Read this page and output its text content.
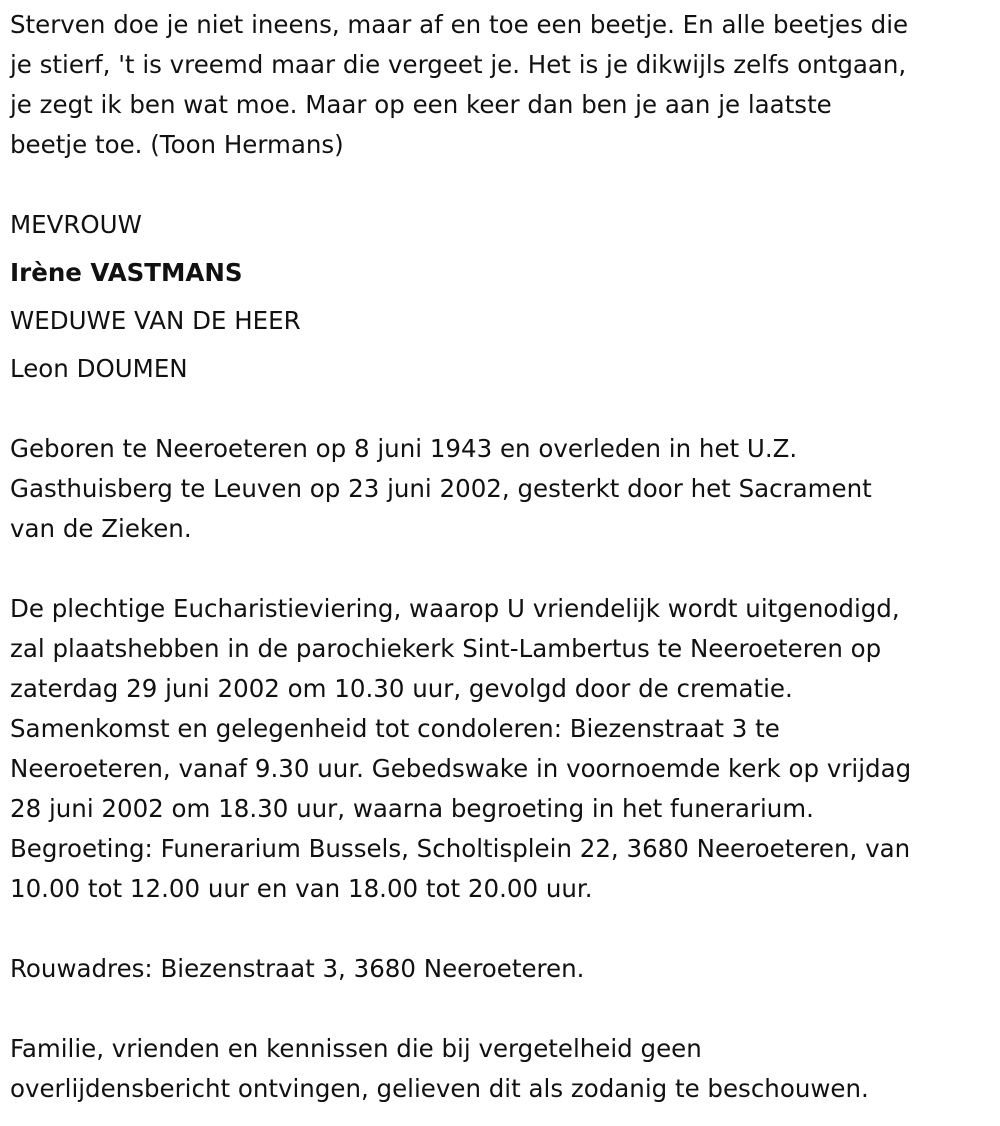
Sterven doe je niet ineens, maar af en toe een beetje. En alle beetjes die
je stierf, 't is vreemd maar die vergeet je. Het is je dikwijls zelfs ontgaan,
je zegt ik ben wat moe. Maar op een keer dan ben je aan je laatste
beetje toe. (Toon Hermans)

MEVROUW
Irène VASTMANS
WEDUWE VAN DE HEER
Leon DOUMEN

Geboren te Neeroeteren op 8 juni 1943 en overleden in het U.Z.
Gasthuisberg te Leuven op 23 juni 2002, gesterkt door het Sacrament
van de Zieken.

De plechtige Eucharistieviering, waarop U vriendelijk wordt uitgenodigd,
zal plaatshebben in de parochiekerk Sint-Lambertus te Neeroeteren op
zaterdag 29 juni 2002 om 10.30 uur, gevolgd door de crematie.
Samenkomst en gelegenheid tot condoleren: Biezenstraat 3 te
Neeroeteren, vanaf 9.30 uur. Gebedswake in voornoemde kerk op vrijdag
28 juni 2002 om 18.30 uur, waarna begroeting in het funerarium.
Begroeting: Funerarium Bussels, Scholtisplein 22, 3680 Neeroeteren, van
10.00 tot 12.00 uur en van 18.00 tot 20.00 uur.

Rouwadres: Biezenstraat 3, 3680 Neeroeteren.

Familie, vrienden en kennissen die bij vergetelheid geen
overlijdensbericht ontvingen, gelieven dit als zodanig te beschouwen.
